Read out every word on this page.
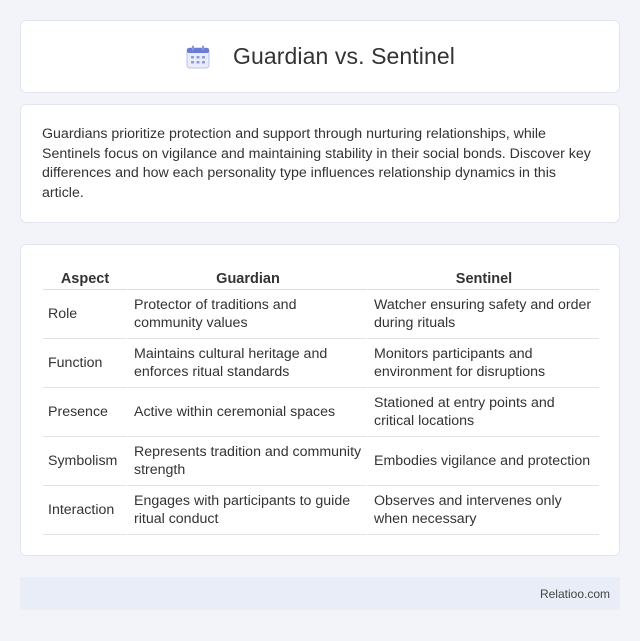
Guardian vs. Sentinel

Guardians prioritize protection and support through nurturing relationships, while Sentinels focus on vigilance and maintaining stability in their social bonds. Discover key differences and how each personality type influences relationship dynamics in this article.

Aspect	Guardian	Sentinel
Role	Protector of traditions and community values	Watcher ensuring safety and order during rituals
Function	Maintains cultural heritage and enforces ritual standards	Monitors participants and environment for disruptions
Presence	Active within ceremonial spaces	Stationed at entry points and critical locations
Symbolism	Represents tradition and community strength	Embodies vigilance and protection
Interaction	Engages with participants to guide ritual conduct	Observes and intervenes only when necessary
Relatioo.com
